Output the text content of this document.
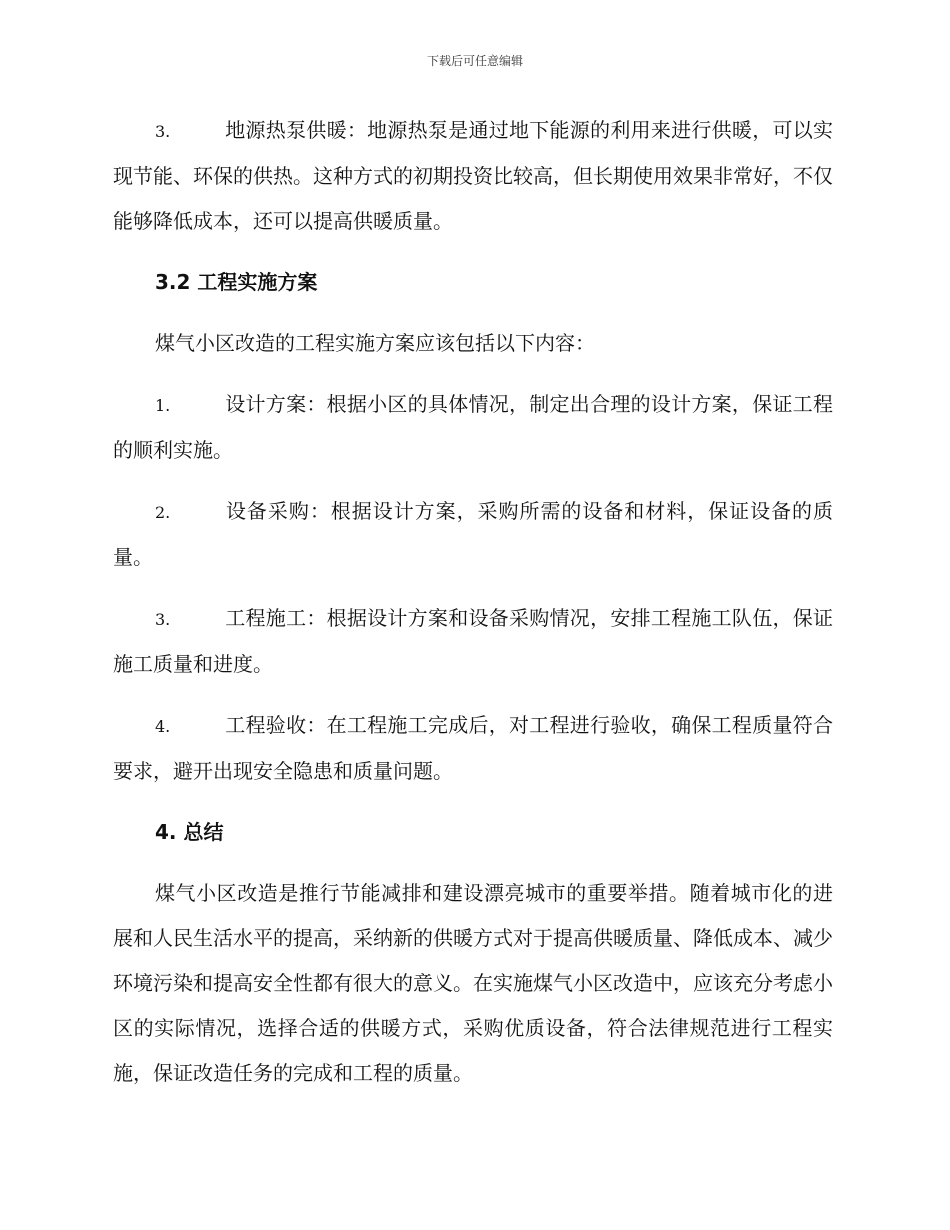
下载后可任意编辑

3.	地源热泵供暖：地源热泵是通过地下能源的利用来进行供暖，可以实现节能、环保的供热。这种方式的初期投资比较高，但长期使用效果非常好，不仅能够降低成本，还可以提高供暖质量。

3.2 工程实施方案

煤气小区改造的工程实施方案应该包括以下内容：

1.	设计方案：根据小区的具体情况，制定出合理的设计方案，保证工程的顺利实施。

2.	设备采购：根据设计方案，采购所需的设备和材料，保证设备的质量。

3.	工程施工：根据设计方案和设备采购情况，安排工程施工队伍，保证施工质量和进度。

4.	工程验收：在工程施工完成后，对工程进行验收，确保工程质量符合要求，避开出现安全隐患和质量问题。

4. 总结

煤气小区改造是推行节能减排和建设漂亮城市的重要举措。随着城市化的进展和人民生活水平的提高，采纳新的供暖方式对于提高供暖质量、降低成本、减少环境污染和提高安全性都有很大的意义。在实施煤气小区改造中，应该充分考虑小区的实际情况，选择合适的供暖方式，采购优质设备，符合法律规范进行工程实施，保证改造任务的完成和工程的质量。
